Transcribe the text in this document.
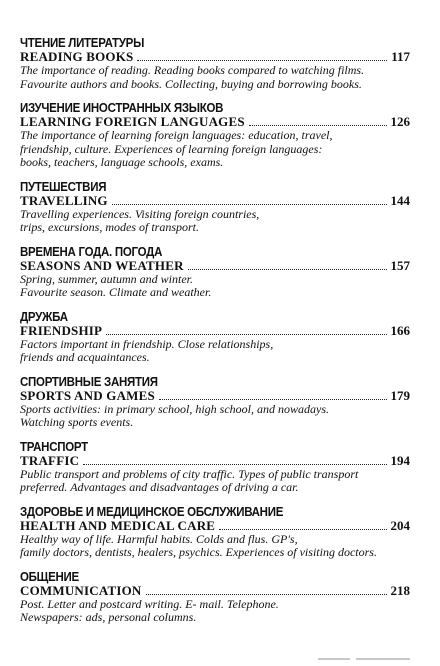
ЧТЕНИЕ ЛИТЕРАТУРЫ
READING BOOKS	117
The importance of reading. Reading books compared to watching films.
Favourite authors and books. Collecting, buying and borrowing books.
ИЗУЧЕНИЕ ИНОСТРАННЫХ ЯЗЫКОВ
LEARNING FOREIGN LANGUAGES	126
The importance of learning foreign languages: education, travel,
friendship, culture. Experiences of learning foreign languages:
books, teachers, language schools, exams.
ПУТЕШЕСТВИЯ
TRAVELLING	144
Travelling experiences. Visiting foreign countries,
trips, excursions, modes of transport.
ВРЕМЕНА ГОДА. ПОГОДА
SEASONS AND WEATHER	157
Spring, summer, autumn and winter.
Favourite season. Climate and weather.
ДРУЖБА
FRIENDSHIP	166
Factors important in friendship. Close relationships,
friends and acquaintances.
СПОРТИВНЫЕ ЗАНЯТИЯ
SPORTS AND GAMES	179
Sports activities: in primary school, high school, and nowadays.
Watching sports events.
ТРАНСПОРТ
TRAFFIC	194
Public transport and problems of city traffic. Types of public transport
preferred. Advantages and disadvantages of driving a car.
ЗДОРОВЬЕ И МЕДИЦИНСКОЕ ОБСЛУЖИВАНИЕ
HEALTH AND MEDICAL CARE	204
Healthy way of life. Harmful habits. Colds and flus. GP's,
family doctors, dentists, healers, psychics. Experiences of visiting doctors.
ОБЩЕНИЕ
COMMUNICATION	218
Post. Letter and postcard writing. E- mail. Telephone.
Newspapers: ads, personal columns.
